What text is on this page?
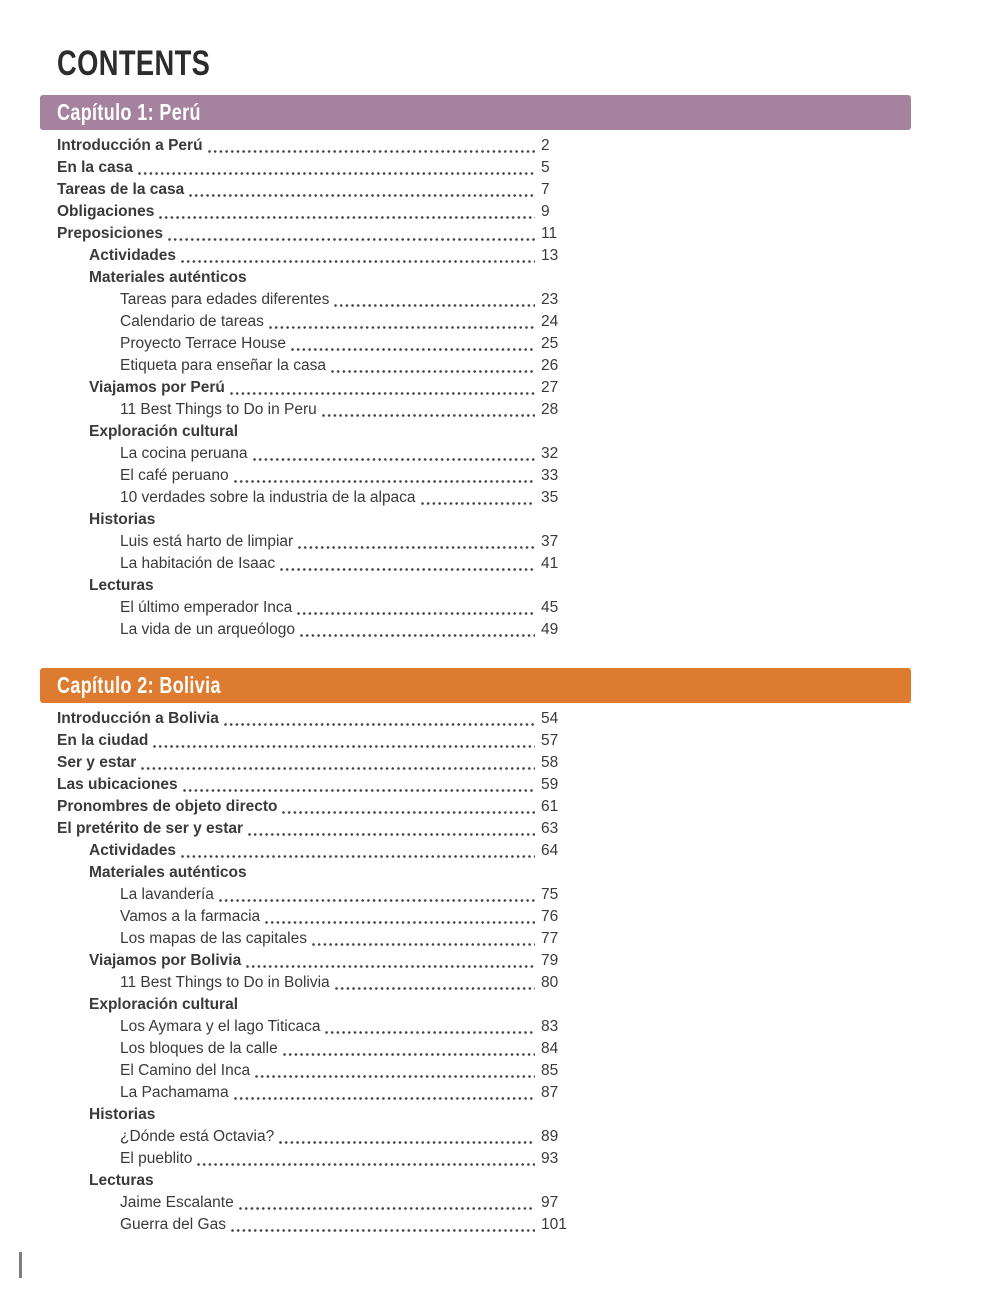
CONTENTS
Capítulo 1: Perú
Introducción a Perú	2
En la casa	5
Tareas de la casa	7
Obligaciones	9
Preposiciones	11
Actividades	13
Materiales auténticos
Tareas para edades diferentes	23
Calendario de tareas	24
Proyecto Terrace House	25
Etiqueta para enseñar la casa	26
Viajamos por Perú	27
11 Best Things to Do in Peru	28
Exploración cultural
La cocina peruana	32
El café peruano	33
10 verdades sobre la industria de la alpaca	35
Historias
Luis está harto de limpiar	37
La habitación de Isaac	41
Lecturas
El último emperador Inca	45
La vida de un arqueólogo	49
Capítulo 2: Bolivia
Introducción a Bolivia	54
En la ciudad	57
Ser y estar	58
Las ubicaciones	59
Pronombres de objeto directo	61
El pretérito de ser y estar	63
Actividades	64
Materiales auténticos
La lavandería	75
Vamos a la farmacia	76
Los mapas de las capitales	77
Viajamos por Bolivia	79
11 Best Things to Do in Bolivia	80
Exploración cultural
Los Aymara y el lago Titicaca	83
Los bloques de la calle	84
El Camino del Inca	85
La Pachamama	87
Historias
¿Dónde está Octavia?	89
El pueblito	93
Lecturas
Jaime Escalante	97
Guerra del Gas	101
